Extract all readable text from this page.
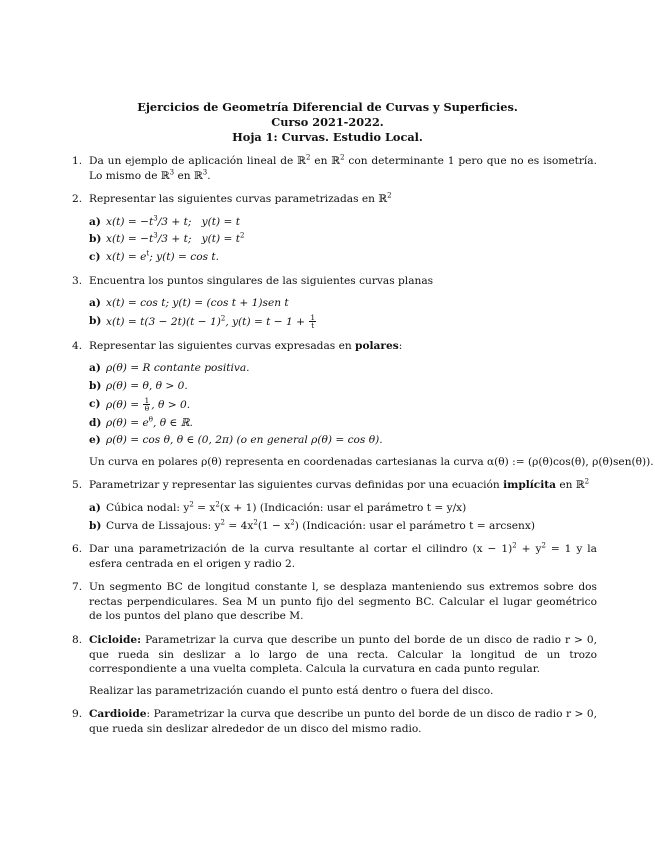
Ejercicios de Geometría Diferencial de Curvas y Superficies.
Curso 2021-2022.
Hoja 1: Curvas. Estudio Local.
1. Da un ejemplo de aplicación lineal de ℝ$^2$ en ℝ$^2$ con determinante 1 pero que no es isometría. Lo mismo de ℝ$^3$ en ℝ$^3$.

2. Representar las siguientes curvas parametrizadas en ℝ$^2$

a) $x(t) = -t^3/3 + t$; y(t) = t
b) $x(t) = -t^3/3 + t$; $y(t) = t^2$
c) $x(t) = e^t$; y(t) = cos t.
3. Encuentra los puntos singulares de las siguientes curvas planas

a) x(t) = cos t; y(t) = (cos t + 1)sen t
b) $x(t) = t(3 - 2t)(t - 1)^2$, $y(t) = t - 1 + \frac{1}{t}$
4. Representar las siguientes curvas expresadas en polares:

a) ρ(θ) = R contante positiva.
b) ρ(θ) = θ, θ > 0.
c) $\rho(\theta) = \frac{1}{\theta}$ , θ > 0.
d) $\rho(\theta) = e^\theta$, θ ∈ ℝ.
e) ρ(θ) = cos θ, θ ∈ (0, 2π) (o en general ρ(θ) = cos θ).

Un curva en polares ρ(θ) representa en coordenadas cartesianas la curva α(θ) := (ρ(θ)cos(θ), ρ(θ)sen(θ)).

5. Parametrizar y representar las siguientes curvas definidas por una ecuación implícita en ℝ$^2$

a) Cúbica nodal: $y^2 = x^2(x + 1)$ (Indicación: usar el parámetro t = y/x)
b) Curva de Lissajous: $y^2 = 4x^2(1 - x^2)$ (Indicación: usar el parámetro t = arcsenx)
6. Dar una parametrización de la curva resultante al cortar el cilindro $(x - 1)^2 + y^2 = 1$ y la esfera centrada en el origen y radio 2.

7. Un segmento BC de longitud constante l, se desplaza manteniendo sus extremos sobre dos rectas perpendiculares. Sea M un punto fijo del segmento BC. Calcular el lugar geométrico de los puntos del plano que describe M.

8. Cicloide: Parametrizar la curva que describe un punto del borde de un disco de radio r > 0, que rueda sin deslizar a lo largo de una recta. Calcular la longitud de un trozo correspondiente a una vuelta completa. Calcula la curvatura en cada punto regular.

Realizar las parametrización cuando el punto está dentro o fuera del disco.

9. Cardioide: Parametrizar la curva que describe un punto del borde de un disco de radio r > 0, que rueda sin deslizar alrededor de un disco del mismo radio.
